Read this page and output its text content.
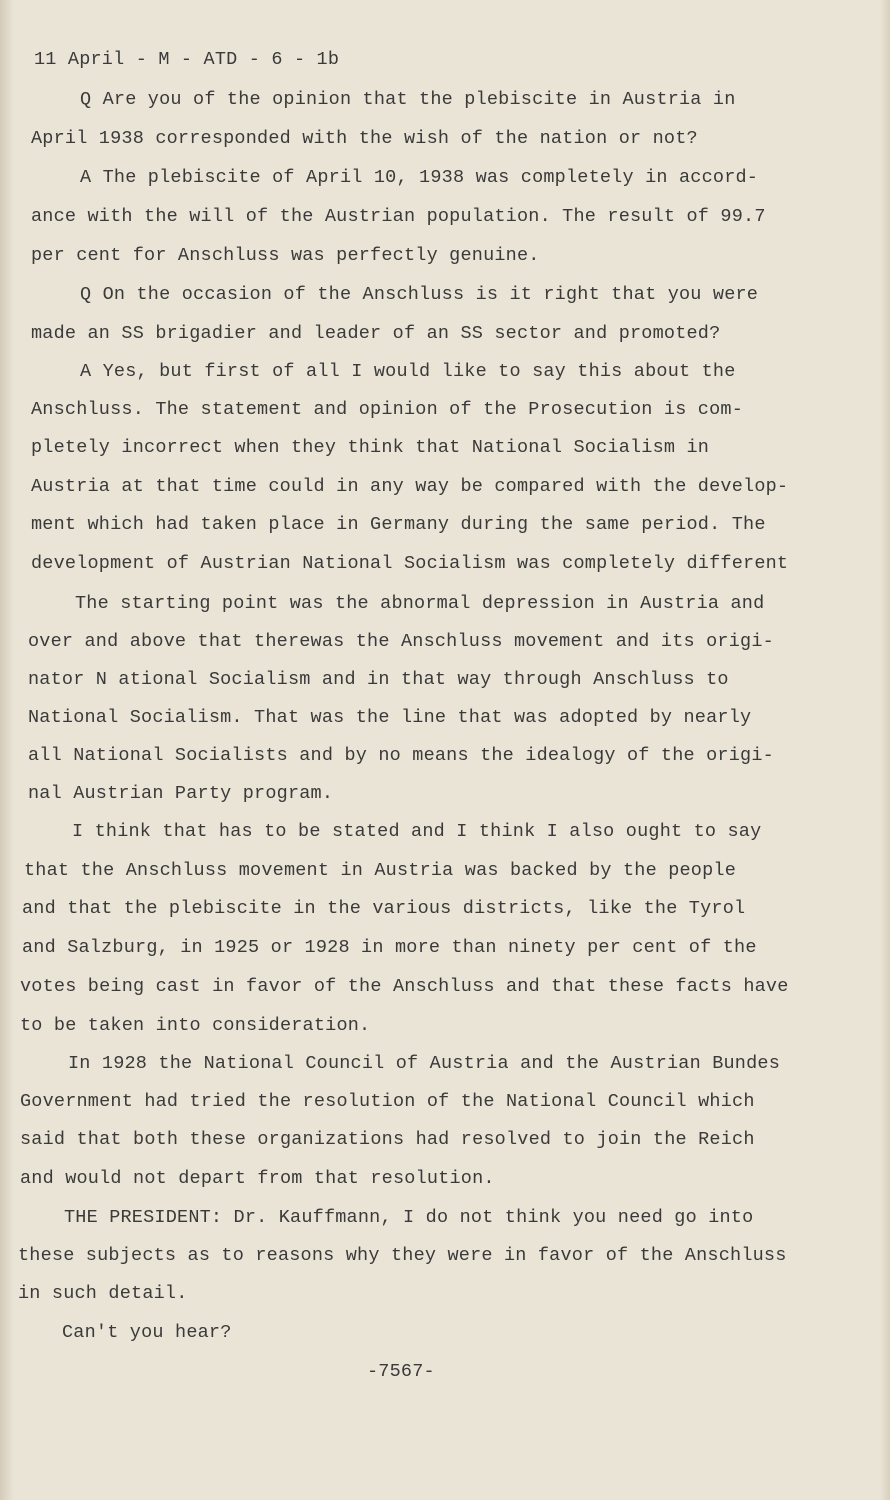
11 April - M - ATD - 6 - 1b
Q Are you of the opinion that the plebiscite in Austria in
April 1938 corresponded with the wish of the nation or not?
A The plebiscite of April 10, 1938 was completely in accord-
ance with the will of the Austrian population. The result of 99.7
per cent for Anschluss was perfectly genuine.
Q On the occasion of the Anschluss is it right that you were
made an SS brigadier and leader of an SS sector and promoted?
A Yes, but first of all I would like to say this about the
Anschluss. The statement and opinion of the Prosecution is com-
pletely incorrect when they think that National Socialism in
Austria at that time could in any way be compared with the develop-
ment which had taken place in Germany during the same period. The
development of Austrian National Socialism was completely different
The starting point was the abnormal depression in Austria and
over and above that therewas the Anschluss movement and its origi-
nator N ational Socialism and in that way through Anschluss to
National Socialism. That was the line that was adopted by nearly
all National Socialists and by no means the idealogy of the origi-
nal Austrian Party program.
I think that has to be stated and I think I also ought to say
that the Anschluss movement in Austria was backed by the people
and that the plebiscite in the various districts, like the Tyrol
and Salzburg, in 1925 or 1928 in more than ninety per cent of the
votes being cast in favor of the Anschluss and that these facts have
to be taken into consideration.
In 1928 the National Council of Austria and the Austrian Bundes
Government had tried the resolution of the National Council which
said that both these organizations had resolved to join the Reich
and would not depart from that resolution.
THE PRESIDENT: Dr. Kauffmann, I do not think you need go into
these subjects as to reasons why they were in favor of the Anschluss
in such detail.
Can't you hear?
-7567-
